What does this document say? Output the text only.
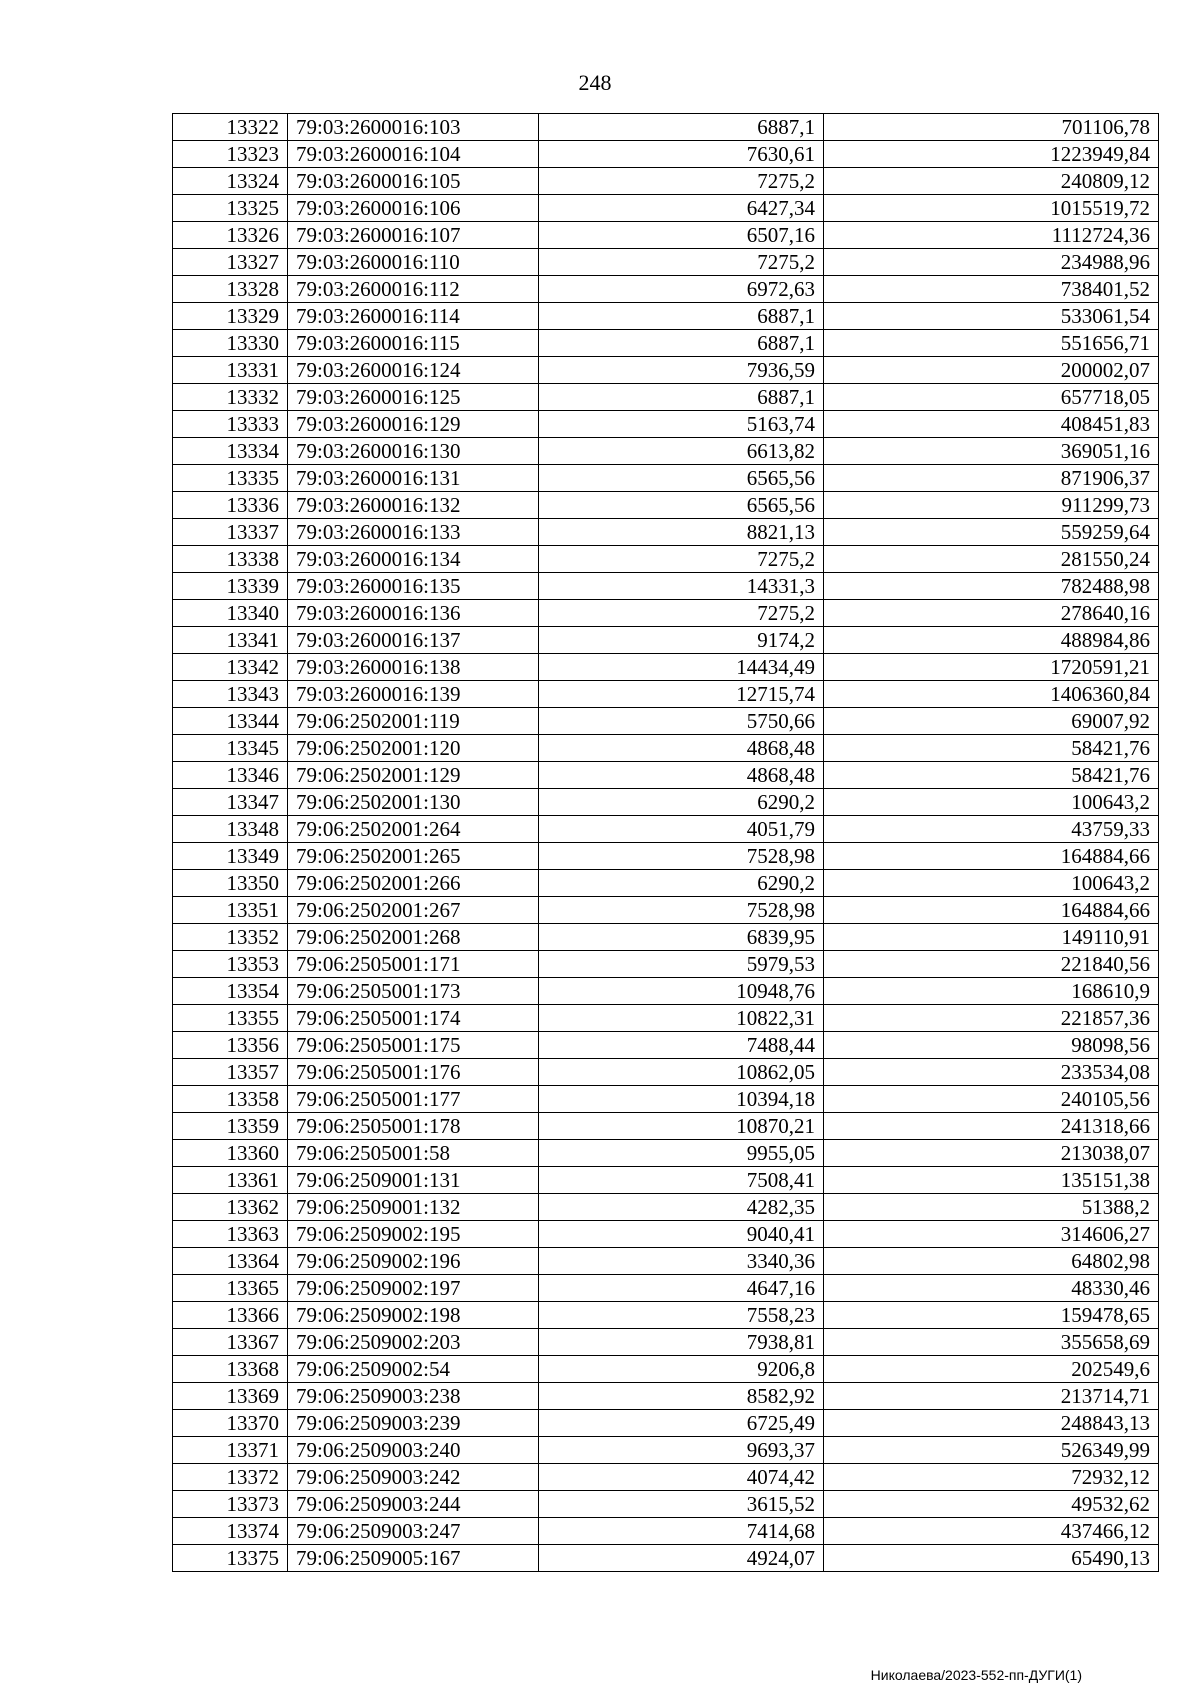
248
13322	79:03:2600016:103	6887,1	701106,78
13323	79:03:2600016:104	7630,61	1223949,84
13324	79:03:2600016:105	7275,2	240809,12
13325	79:03:2600016:106	6427,34	1015519,72
13326	79:03:2600016:107	6507,16	1112724,36
13327	79:03:2600016:110	7275,2	234988,96
13328	79:03:2600016:112	6972,63	738401,52
13329	79:03:2600016:114	6887,1	533061,54
13330	79:03:2600016:115	6887,1	551656,71
13331	79:03:2600016:124	7936,59	200002,07
13332	79:03:2600016:125	6887,1	657718,05
13333	79:03:2600016:129	5163,74	408451,83
13334	79:03:2600016:130	6613,82	369051,16
13335	79:03:2600016:131	6565,56	871906,37
13336	79:03:2600016:132	6565,56	911299,73
13337	79:03:2600016:133	8821,13	559259,64
13338	79:03:2600016:134	7275,2	281550,24
13339	79:03:2600016:135	14331,3	782488,98
13340	79:03:2600016:136	7275,2	278640,16
13341	79:03:2600016:137	9174,2	488984,86
13342	79:03:2600016:138	14434,49	1720591,21
13343	79:03:2600016:139	12715,74	1406360,84
13344	79:06:2502001:119	5750,66	69007,92
13345	79:06:2502001:120	4868,48	58421,76
13346	79:06:2502001:129	4868,48	58421,76
13347	79:06:2502001:130	6290,2	100643,2
13348	79:06:2502001:264	4051,79	43759,33
13349	79:06:2502001:265	7528,98	164884,66
13350	79:06:2502001:266	6290,2	100643,2
13351	79:06:2502001:267	7528,98	164884,66
13352	79:06:2502001:268	6839,95	149110,91
13353	79:06:2505001:171	5979,53	221840,56
13354	79:06:2505001:173	10948,76	168610,9
13355	79:06:2505001:174	10822,31	221857,36
13356	79:06:2505001:175	7488,44	98098,56
13357	79:06:2505001:176	10862,05	233534,08
13358	79:06:2505001:177	10394,18	240105,56
13359	79:06:2505001:178	10870,21	241318,66
13360	79:06:2505001:58	9955,05	213038,07
13361	79:06:2509001:131	7508,41	135151,38
13362	79:06:2509001:132	4282,35	51388,2
13363	79:06:2509002:195	9040,41	314606,27
13364	79:06:2509002:196	3340,36	64802,98
13365	79:06:2509002:197	4647,16	48330,46
13366	79:06:2509002:198	7558,23	159478,65
13367	79:06:2509002:203	7938,81	355658,69
13368	79:06:2509002:54	9206,8	202549,6
13369	79:06:2509003:238	8582,92	213714,71
13370	79:06:2509003:239	6725,49	248843,13
13371	79:06:2509003:240	9693,37	526349,99
13372	79:06:2509003:242	4074,42	72932,12
13373	79:06:2509003:244	3615,52	49532,62
13374	79:06:2509003:247	7414,68	437466,12
13375	79:06:2509005:167	4924,07	65490,13
Николаева/2023-552-пп-ДУГИ(1)
